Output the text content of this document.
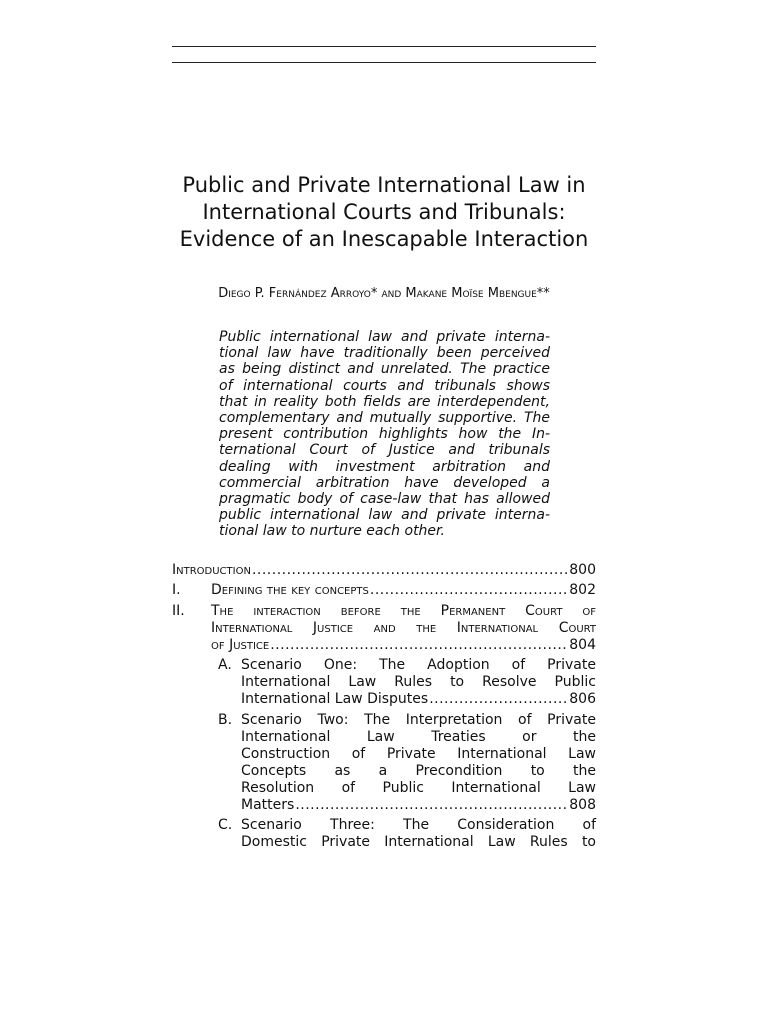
Public and Private International Law in
International Courts and Tribunals:
Evidence of an Inescapable Interaction
Diego P. Fernández Arroyo* and Makane Moïse Mbengue**
Public international law and private interna-
tional law have traditionally been perceived
as being distinct and unrelated. The practice
of international courts and tribunals shows
that in reality both fields are interdependent,
complementary and mutually supportive. The
present contribution highlights how the In-
ternational Court of Justice and tribunals
dealing with investment arbitration and
commercial arbitration have developed a
pragmatic body of case-law that has allowed
public international law and private interna-
tional law to nurture each other.
Introduction .....	800
I. Defining the key concepts .....	802
II. The interaction before the Permanent Court of
International Justice and the International Court
of Justice .....	804
A. Scenario One: The Adoption of Private
International Law Rules to Resolve Public
International Law Disputes .....	806
B. Scenario Two: The Interpretation of Private
International Law Treaties or the
Construction of Private International Law
Concepts as a Precondition to the
Resolution of Public International Law
Matters .....	808
C. Scenario Three: The Consideration of
Domestic Private International Law Rules to
